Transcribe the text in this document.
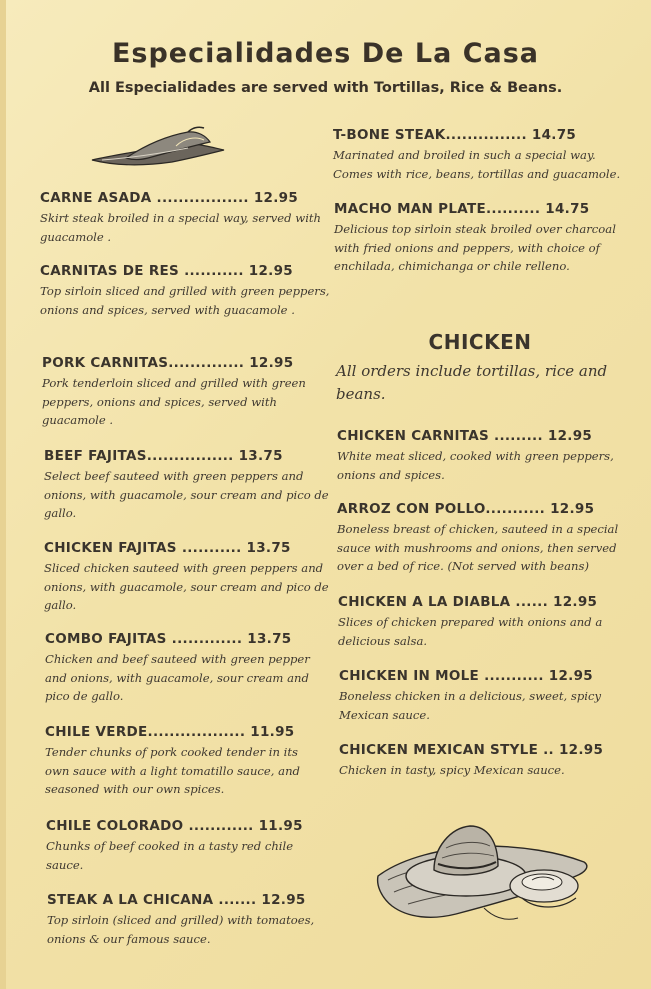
Especialidades De La Casa

All Especialidades are served with Tortillas, Rice & Beans.

CARNE ASADA ................. 12.95
Skirt steak broiled in a special way, served with guacamole .
CARNITAS DE RES ........... 12.95
Top sirloin sliced and grilled with green peppers, onions and spices, served with guacamole .
PORK CARNITAS.............. 12.95
Pork tenderloin sliced and grilled with green peppers, onions and spices, served with guacamole .
BEEF FAJITAS................ 13.75
Select beef sauteed with green peppers and onions, with guacamole, sour cream and pico de gallo.
CHICKEN FAJITAS ........... 13.75
Sliced chicken sauteed with green peppers and onions, with guacamole, sour cream and pico de gallo.
COMBO FAJITAS ............. 13.75
Chicken and beef sauteed with green pepper and onions, with guacamole, sour cream and pico de gallo.
CHILE VERDE.................. 11.95
Tender chunks of pork cooked tender in its own sauce with a light tomatillo sauce, and seasoned with our own spices.
CHILE COLORADO ............ 11.95
Chunks of beef cooked in a tasty red chile sauce.
STEAK A LA CHICANA ....... 12.95
Top sirloin (sliced and grilled) with tomatoes, onions & our famous sauce.
T-BONE STEAK............... 14.75
Marinated and broiled in such a special way. Comes with rice, beans, tortillas and guacamole.
MACHO MAN PLATE.......... 14.75
Delicious top sirloin steak broiled over charcoal with fried onions and peppers, with choice of enchilada, chimichanga or chile relleno.
CHICKEN
All orders include tortillas, rice and beans.
CHICKEN CARNITAS ......... 12.95
White meat sliced, cooked with green peppers, onions and spices.
ARROZ CON POLLO........... 12.95
Boneless breast of chicken, sauteed in a special sauce with mushrooms and onions, then served over a bed of rice. (Not served with beans)
CHICKEN A LA DIABLA ...... 12.95
Slices of chicken prepared with onions and a delicious salsa.
CHICKEN IN MOLE ........... 12.95
Boneless chicken in a delicious, sweet, spicy Mexican sauce.
CHICKEN MEXICAN STYLE .. 12.95
Chicken in tasty, spicy Mexican sauce.
